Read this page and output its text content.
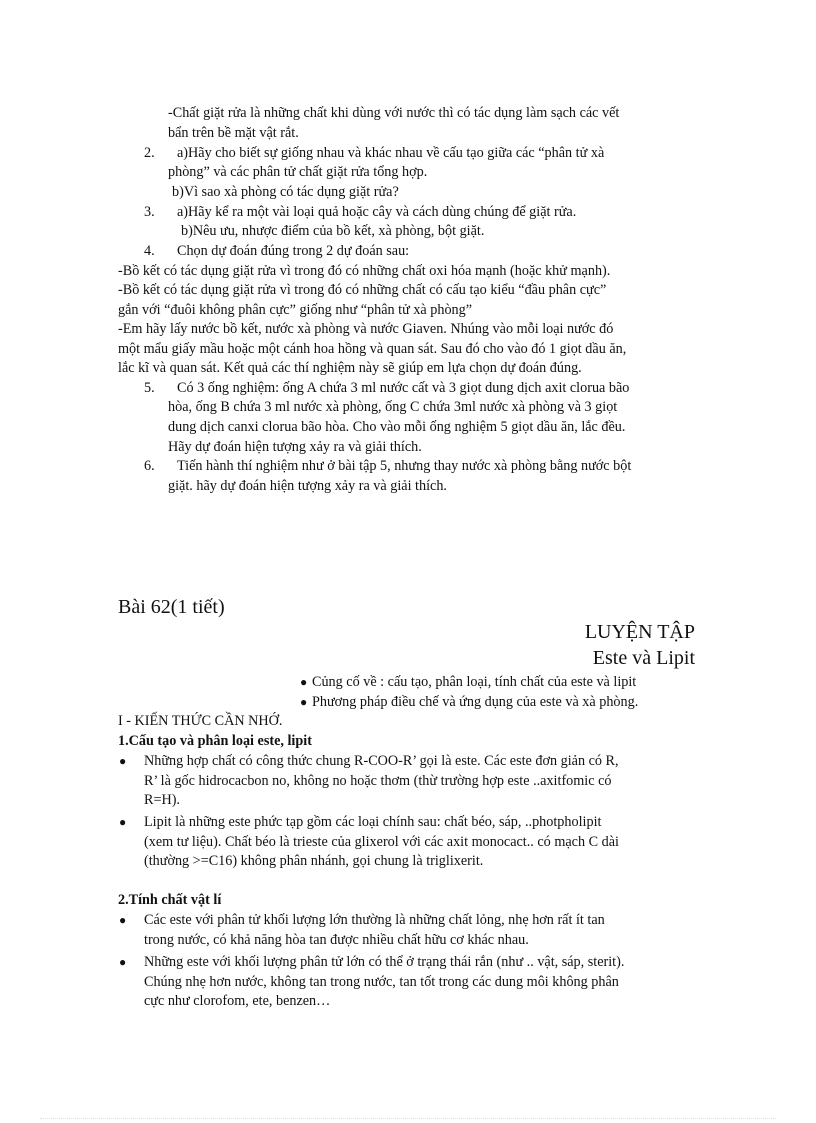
-Chất giặt rửa là những chất khi dùng với nước thì có tác dụng làm sạch các vết

bẩn trên bề mặt vật rắt.

2. a)Hãy cho biết sự giống nhau và khác nhau về cấu tạo giữa các “phân tử xà

phòng” và các phân tử chất giặt rửa tổng hợp.

b)Vì sao xà phòng có tác dụng giặt rửa?

3. a)Hãy kể ra một vài loại quả hoặc cây và cách dùng chúng để giặt rửa.

b)Nêu ưu, nhược điểm của bồ kết, xà phòng, bột giặt.

4. Chọn dự đoán đúng trong 2 dự đoán sau:

-Bồ kết có tác dụng giặt rửa vì trong đó có những chất oxi hóa mạnh (hoặc khử mạnh).

-Bồ kết có tác dụng giặt rửa vì trong đó có những chất có cấu tạo kiểu “đầu phân cực”

gắn với “đuôi không phân cực” giống như “phân tử xà phòng”

-Em hãy lấy nước bồ kết, nước xà phòng và nước Giaven. Nhúng vào mỗi loại nước đó

một mẩu giấy mầu hoặc một cánh hoa hồng và quan sát. Sau đó cho vào đó 1 giọt dầu ăn,

lắc kĩ và quan sát. Kết quả các thí nghiệm này sẽ giúp em lựa chọn dự đoán đúng.

5. Có 3 ống nghiệm: ống A chứa 3 ml nước cất và 3 giọt dung dịch axit clorua bão

hòa, ống B chứa 3 ml nước xà phòng, ống C chứa 3ml nước xà phòng và 3 giọt

dung dịch canxi clorua bão hòa. Cho vào mỗi ống nghiệm 5 giọt dầu ăn, lắc đều.

Hãy dự đoán hiện tượng xảy ra và giải thích.

6. Tiến hành thí nghiệm như ở bài tập 5, nhưng thay nước xà phòng bằng nước bột

giặt. hãy dự đoán hiện tượng xảy ra và giải thích.

Bài 62(1 tiết)
LUYỆN TẬP
Este và Lipit
● Củng cố về : cấu tạo, phân loại, tính chất của este và lipit

● Phương pháp điều chế và ứng dụng của este và xà phòng.

I - KIẾN THỨC CẦN NHỚ.

1.Cấu tạo và phân loại este, lipit

● Những hợp chất có công thức chung R-COO-R’ gọi là este. Các este đơn giản có R,

R’ là gốc hidrocacbon no, không no hoặc thơm (thừ trường hợp este ..axitfomic có

R=H).

● Lipit là những este phức tạp gồm các loại chính sau: chất béo, sáp, ..photpholipit

(xem tư liệu). Chất béo là trieste của glixerol với các axit monocact.. có mạch C dài

(thường >=C16) không phân nhánh, gọi chung là triglixerit.

2.Tính chất vật lí

● Các este với phân tử khối lượng lớn thường là những chất lỏng, nhẹ hơn rất ít tan

trong nước, có khả năng hòa tan được nhiều chất hữu cơ khác nhau.

● Những este với khối lượng phân tử lớn có thể ở trạng thái rắn (như .. vật, sáp, sterit).

Chúng nhẹ hơn nước, không tan trong nước, tan tốt trong các dung môi không phân

cực như clorofom, ete, benzen…
